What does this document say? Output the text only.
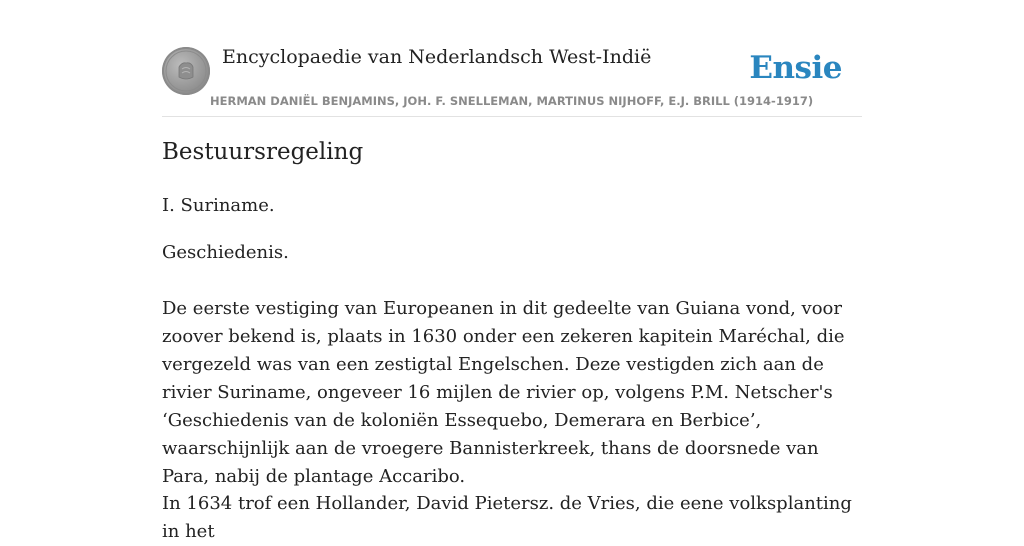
Encyclopaedie van Nederlandsch West-Indië	Ensie
HERMAN DANIËL BENJAMINS, JOH. F. SNELLEMAN, MARTINUS NIJHOFF, E.J. BRILL (1914-1917)
Bestuursregeling
I. Suriname.
Geschiedenis.

De eerste vestiging van Europeanen in dit gedeelte van Guiana vond, voor zoover bekend is, plaats in 1630 onder een zekeren kapitein Maréchal, die vergezeld was van een zestigtal Engelschen. Deze vestigden zich aan de rivier Suriname, ongeveer 16 mijlen de rivier op, volgens P.M. Netscher's ‘Geschiedenis van de koloniën Essequebo, Demerara en Berbice’, waarschijnlijk aan de vroegere Bannisterkreek, thans de doorsnede van Para, nabij de plantage Accaribo.

In 1634 trof een Hollander, David Pietersz. de Vries, die eene volksplanting in het
